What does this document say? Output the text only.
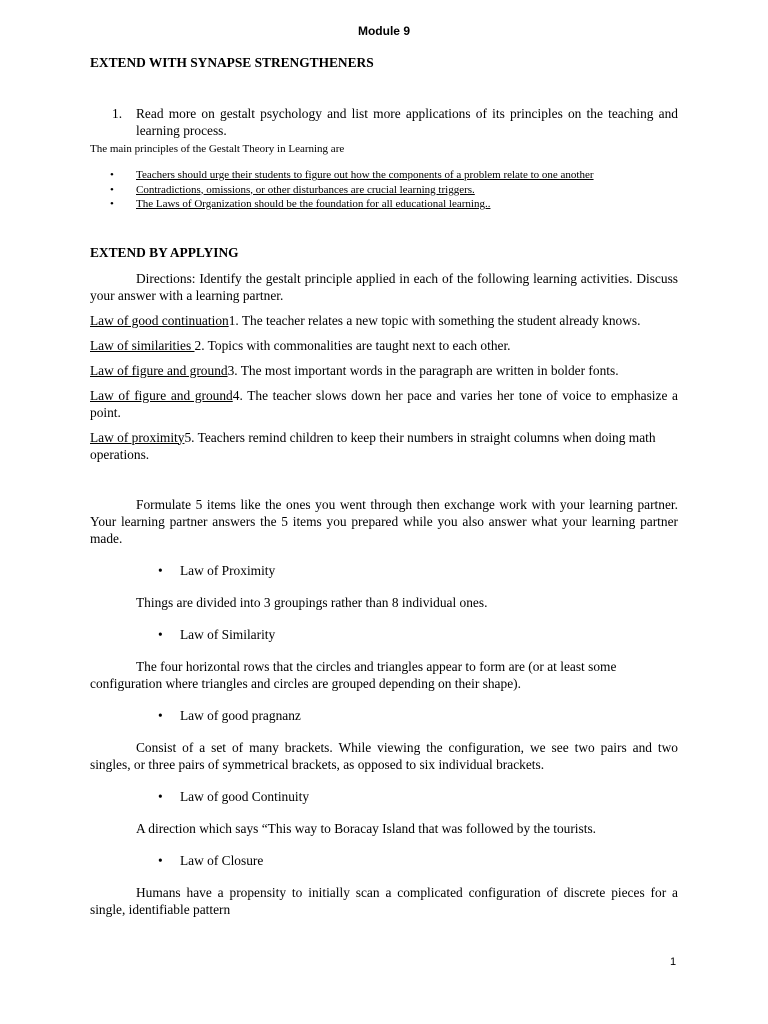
Module 9

EXTEND WITH SYNAPSE STRENGTHENERS

1.	Read more on gestalt psychology and list more applications of its principles on the teaching and learning process.

The main principles of the Gestalt Theory in Learning are

• Teachers should urge their students to figure out how the components of a problem relate to one another
• Contradictions, omissions, or other disturbances are crucial learning triggers.
• The Laws of Organization should be the foundation for all educational learning..

EXTEND BY APPLYING

Directions: Identify the gestalt principle applied in each of the following learning activities. Discuss your answer with a learning partner.

Law of good continuation1. The teacher relates a new topic with something the student already knows.

Law of similarities 2. Topics with commonalities are taught next to each other.

Law of figure and ground3. The most important words in the paragraph are written in bolder fonts.

Law of figure and ground4. The teacher slows down her pace and varies her tone of voice to emphasize a point.

Law of proximity5. Teachers remind children to keep their numbers in straight columns when doing math operations.

Formulate 5 items like the ones you went through then exchange work with your learning partner. Your learning partner answers the 5 items you prepared while you also answer what your learning partner made.

• Law of Proximity

Things are divided into 3 groupings rather than 8 individual ones.

• Law of Similarity

The four horizontal rows that the circles and triangles appear to form are (or at least some configuration where triangles and circles are grouped depending on their shape).

• Law of good pragnanz

Consist of a set of many brackets. While viewing the configuration, we see two pairs and two singles, or three pairs of symmetrical brackets, as opposed to six individual brackets.

• Law of good Continuity

A direction which says “This way to Boracay Island that was followed by the tourists.

• Law of Closure

Humans have a propensity to initially scan a complicated configuration of discrete pieces for a single, identifiable pattern

1
